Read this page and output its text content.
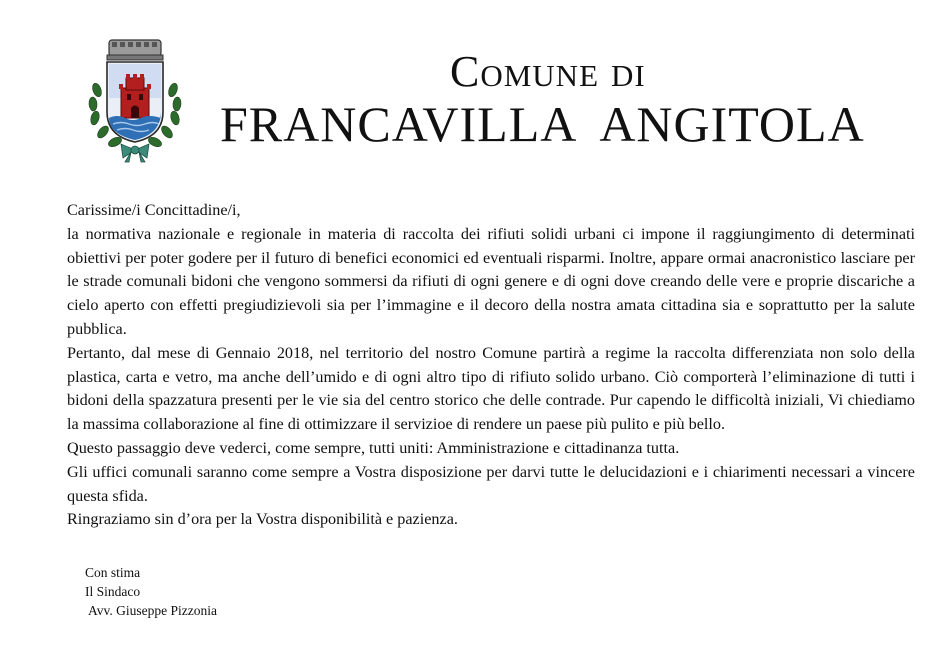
Comune di
FRANCAVILLA ANGITOLA

Carissime/i Concittadine/i,

la normativa nazionale e regionale in materia di raccolta dei rifiuti solidi urbani ci impone il raggiungimento di determinati obiettivi per poter godere per il futuro di benefici economici ed eventuali risparmi. Inoltre, appare ormai anacronistico lasciare per le strade comunali bidoni che vengono sommersi da rifiuti di ogni genere e di ogni dove creando delle vere e proprie discariche a cielo aperto con effetti pregiudizievoli sia per l’immagine e il decoro della nostra amata cittadina sia e soprattutto per la salute pubblica.

Pertanto, dal mese di Gennaio 2018, nel territorio del nostro Comune partirà a regime la raccolta differenziata non solo della plastica, carta e vetro, ma anche dell’umido e di ogni altro tipo di rifiuto solido urbano. Ciò comporterà l’eliminazione di tutti i bidoni della spazzatura presenti per le vie sia del centro storico che delle contrade. Pur capendo le difficoltà iniziali, Vi chiediamo la massima collaborazione al fine di ottimizzare il servizioe di rendere un paese più pulito e più bello.

Questo passaggio deve vederci, come sempre, tutti uniti: Amministrazione e cittadinanza tutta.

Gli uffici comunali saranno come sempre a Vostra disposizione per darvi tutte le delucidazioni e i chiarimenti necessari a vincere questa sfida.

Ringraziamo sin d’ora per la Vostra disponibilità e pazienza.

Con stima
Il Sindaco
Avv. Giuseppe Pizzonia
